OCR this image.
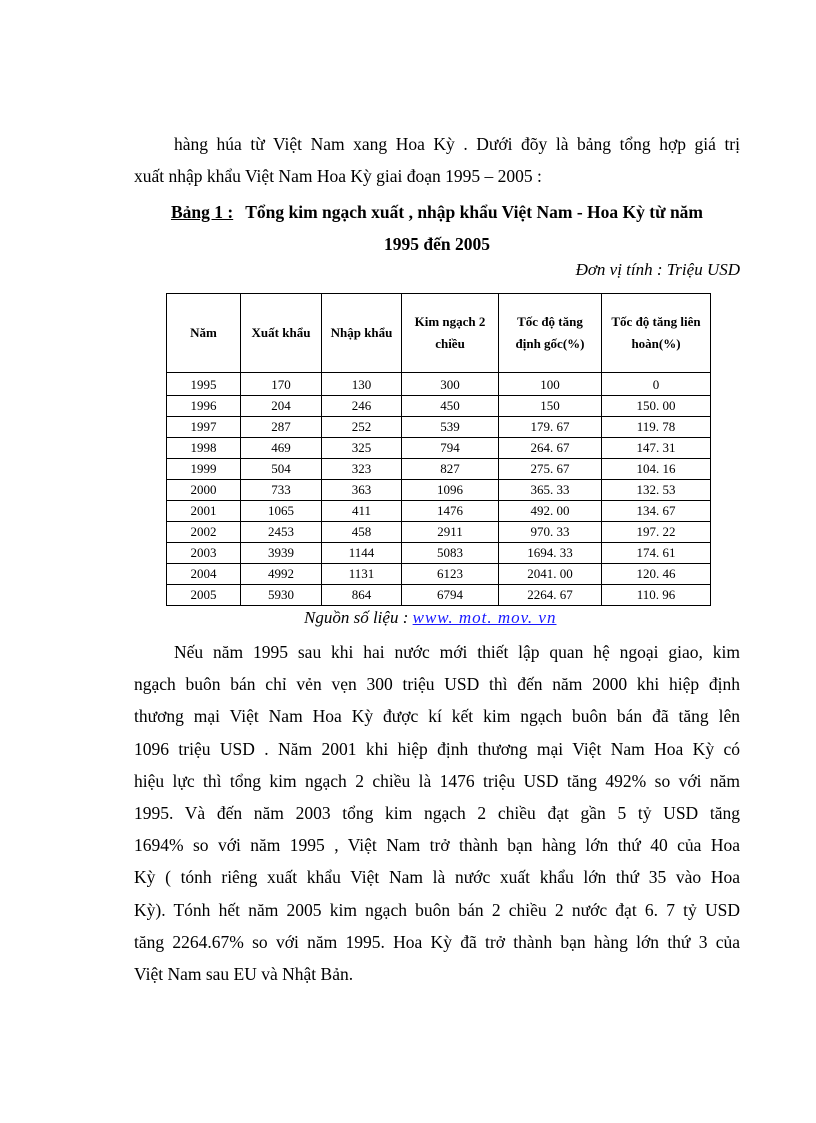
hàng húa từ Việt Nam xang Hoa Kỳ . Dưới đõy là bảng tổng hợp giá trị
xuất nhập khẩu Việt Nam Hoa Kỳ giai đoạn 1995 – 2005 :
Bảng 1 : Tổng kim ngạch xuất , nhập khẩu Việt Nam - Hoa Kỳ từ năm
1995 đến 2005
Đơn vị tính : Triệu USD
Năm	Xuất khẩu	Nhập khẩu	Kim ngạch 2 chiều	Tốc độ tăng định gốc(%)	Tốc độ tăng liên hoàn(%)
1995	170	130	300	100	0
1996	204	246	450	150	150. 00
1997	287	252	539	179. 67	119. 78
1998	469	325	794	264. 67	147. 31
1999	504	323	827	275. 67	104. 16
2000	733	363	1096	365. 33	132. 53
2001	1065	411	1476	492. 00	134. 67
2002	2453	458	2911	970. 33	197. 22
2003	3939	1144	5083	1694. 33	174. 61
2004	4992	1131	6123	2041. 00	120. 46
2005	5930	864	6794	2264. 67	110. 96
Nguồn số liệu : www. mot. mov. vn
Nếu năm 1995 sau khi hai nước mới thiết lập quan hệ ngoại giao, kim
ngạch buôn bán chỉ vẻn vẹn 300 triệu USD thì đến năm 2000 khi hiệp định
thương mại Việt Nam Hoa Kỳ được kí kết kim ngạch buôn bán đã tăng lên
1096 triệu USD . Năm 2001 khi hiệp định thương mại Việt Nam Hoa Kỳ có
hiệu lực thì tổng kim ngạch 2 chiều là 1476 triệu USD tăng 492% so với năm
1995. Và đến năm 2003 tổng kim ngạch 2 chiều đạt gần 5 tỷ USD tăng
1694% so với năm 1995 , Việt Nam trở thành bạn hàng lớn thứ 40 của Hoa
Kỳ ( tónh riêng xuất khẩu Việt Nam là nước xuất khẩu lớn thứ 35 vào Hoa
Kỳ). Tónh hết năm 2005 kim ngạch buôn bán 2 chiều 2 nước đạt 6. 7 tỷ USD
tăng 2264.67% so với năm 1995. Hoa Kỳ đã trở thành bạn hàng lớn thứ 3 của
Việt Nam sau EU và Nhật Bản.
